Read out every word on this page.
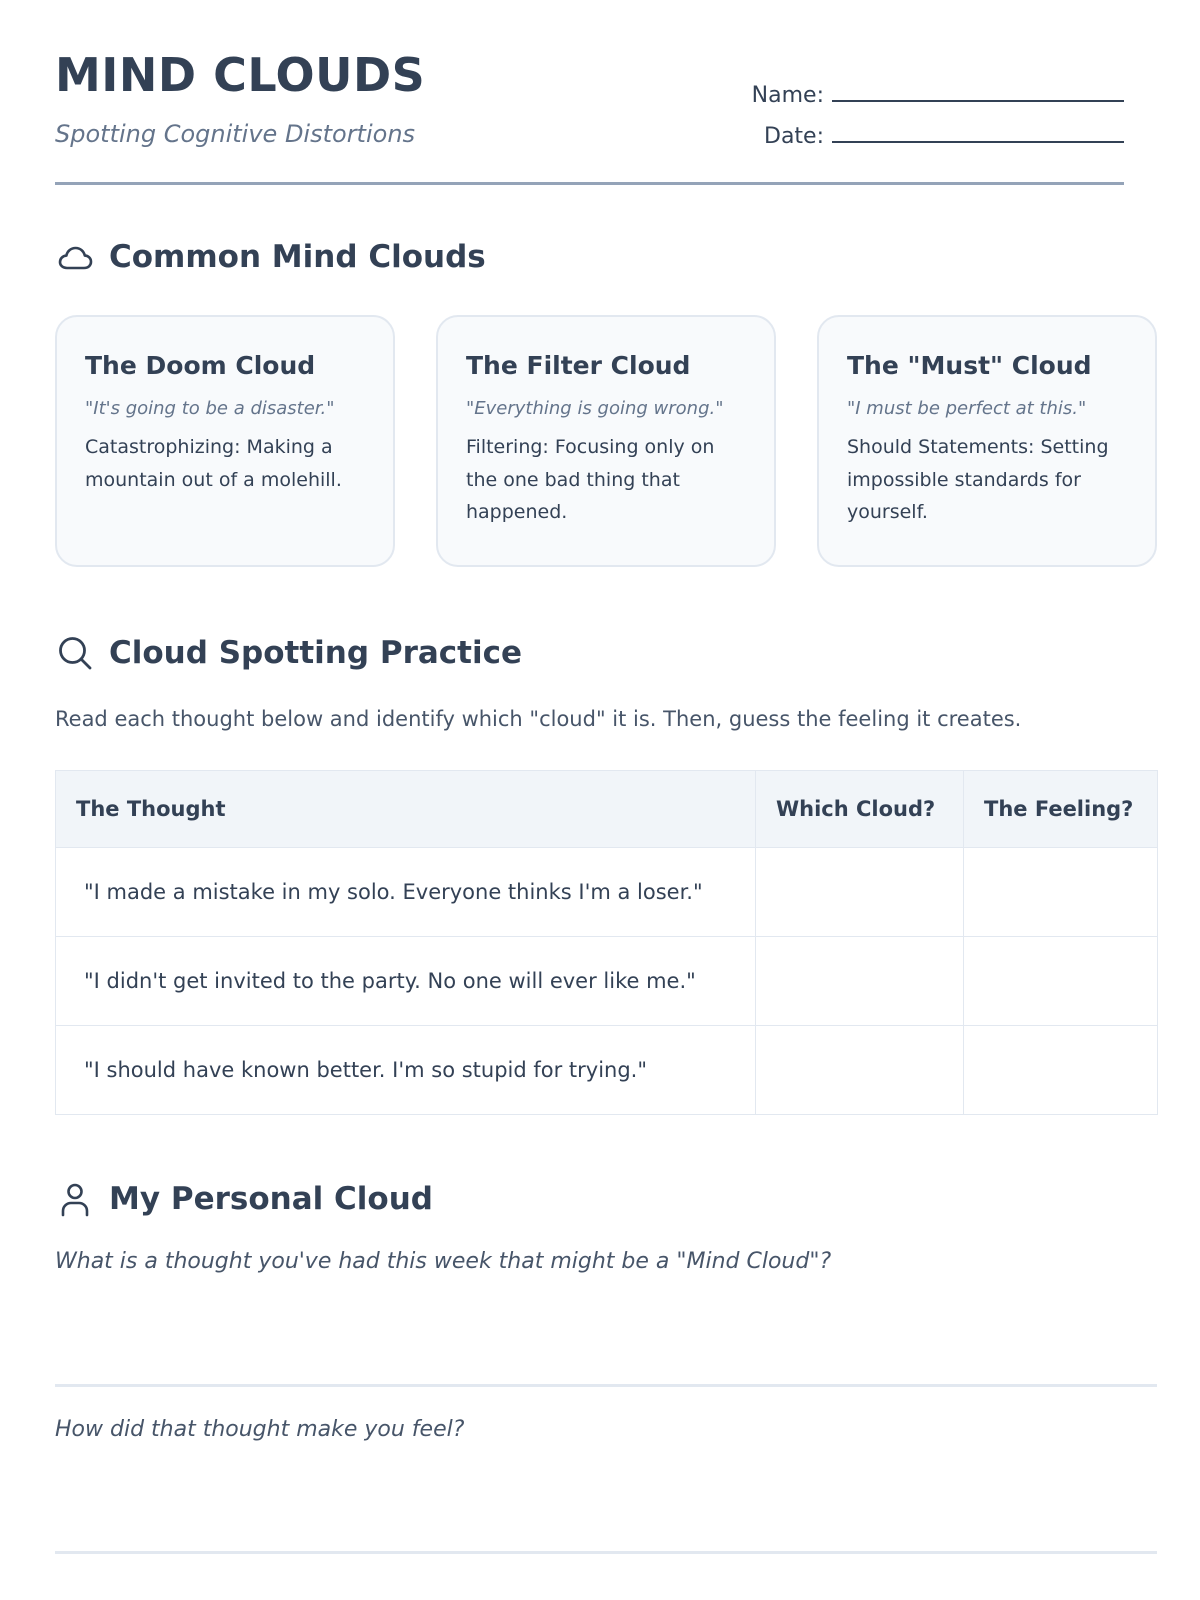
MIND CLOUDS

Spotting Cognitive Distortions

Name:
Date:
Common Mind Clouds
The Doom Cloud

"It's going to be a disaster."

Catastrophizing: Making a mountain out of a molehill.

The Filter Cloud

"Everything is going wrong."

Filtering: Focusing only on the one bad thing that happened.

The "Must" Cloud

"I must be perfect at this."

Should Statements: Setting impossible standards for yourself.

Cloud Spotting Practice

Read each thought below and identify which "cloud" it is. Then, guess the feeling it creates.

The Thought	Which Cloud?	The Feeling?
"I made a mistake in my solo. Everyone thinks I'm a loser."		
"I didn't get invited to the party. No one will ever like me."		
"I should have known better. I'm so stupid for trying."		
My Personal Cloud

What is a thought you've had this week that might be a "Mind Cloud"?

How did that thought make you feel?
